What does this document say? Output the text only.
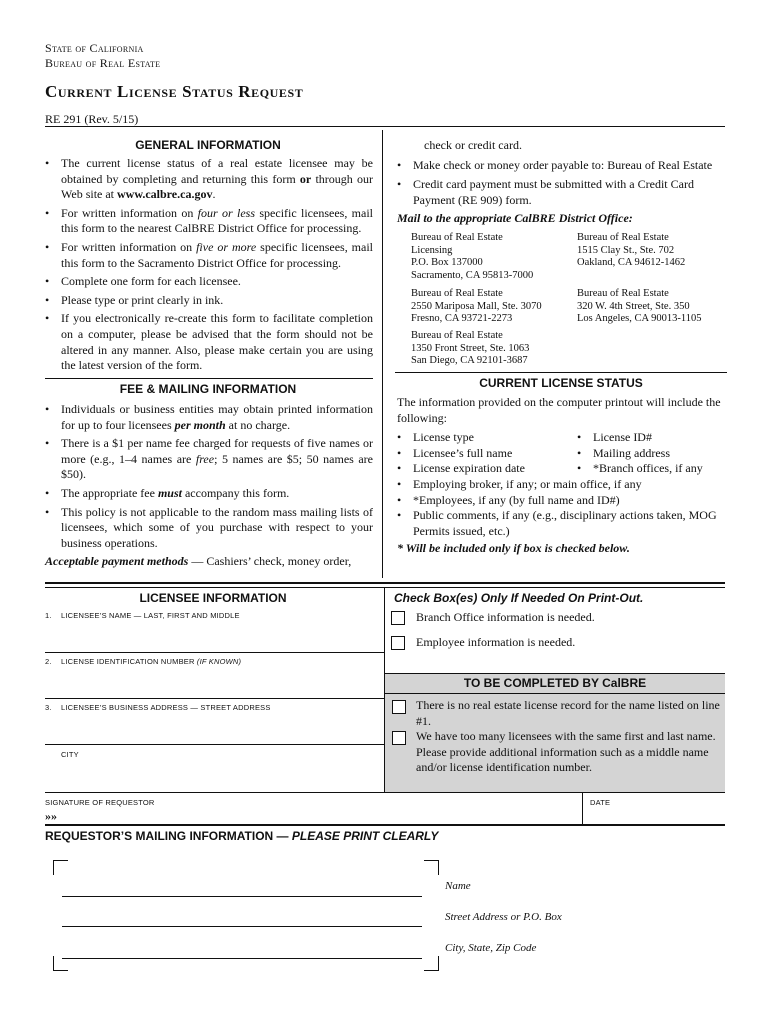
State of California
Bureau of Real Estate
Current License Status Request
RE 291 (Rev. 5/15)
GENERAL INFORMATION
• The current license status of a real estate licensee may be obtained by completing and returning this form or through our Web site at www.calbre.ca.gov.
• For written information on four or less specific licensees, mail this form to the nearest CalBRE District Office for processing.
• For written information on five or more specific licensees, mail this form to the Sacramento District Office for processing.
• Complete one form for each licensee.
• Please type or print clearly in ink.
• If you electronically re-create this form to facilitate completion on a computer, please be advised that the form should not be altered in any manner. Also, please make certain you are using the latest version of the form.
FEE & MAILING INFORMATION
• Individuals or business entities may obtain printed information for up to four licensees per month at no charge.
• There is a $1 per name fee charged for requests of five names or more (e.g., 1–4 names are free; 5 names are $5; 50 names are $50).
• The appropriate fee must accompany this form.
• This policy is not applicable to the random mass mailing lists of licensees, which some of you purchase with respect to your business operations.
Acceptable payment methods — Cashiers’ check, money order,
check or credit card.
• Make check or money order payable to: Bureau of Real Estate
• Credit card payment must be submitted with a Credit Card Payment (RE 909) form.
Mail to the appropriate CalBRE District Office:
Bureau of Real Estate
Licensing
P.O. Box 137000
Sacramento, CA 95813-7000
Bureau of Real Estate
1515 Clay St., Ste. 702
Oakland, CA 94612-1462
Bureau of Real Estate
2550 Mariposa Mall, Ste. 3070
Fresno, CA 93721-2273
Bureau of Real Estate
320 W. 4th Street, Ste. 350
Los Angeles, CA 90013-1105
Bureau of Real Estate
1350 Front Street, Ste. 1063
San Diego, CA 92101-3687
CURRENT LICENSE STATUS
The information provided on the computer printout will include the following:
• License type	• License ID#
• Licensee’s full name	• Mailing address
• License expiration date	• *Branch offices, if any
• Employing broker, if any; or main office, if any
• *Employees, if any (by full name and ID#)
• Public comments, if any (e.g., disciplinary actions taken, MOG Permits issued, etc.)
* Will be included only if box is checked below.
LICENSEE INFORMATION
1. LICENSEE’S NAME — LAST, FIRST AND MIDDLE
2. LICENSE IDENTIFICATION NUMBER (IF KNOWN)
3. LICENSEE’S BUSINESS ADDRESS — STREET ADDRESS
CITY
Check Box(es) Only If Needed On Print-Out.
Branch Office information is needed.
Employee information is needed.
TO BE COMPLETED BY CalBRE
There is no real estate license record for the name listed on line #1.
We have too many licensees with the same first and last name. Please provide additional information such as a middle name and/or license identification number.
SIGNATURE OF REQUESTOR
»»
DATE
REQUESTOR’S MAILING INFORMATION — PLEASE PRINT CLEARLY
Name
Street Address or P.O. Box
City, State, Zip Code
